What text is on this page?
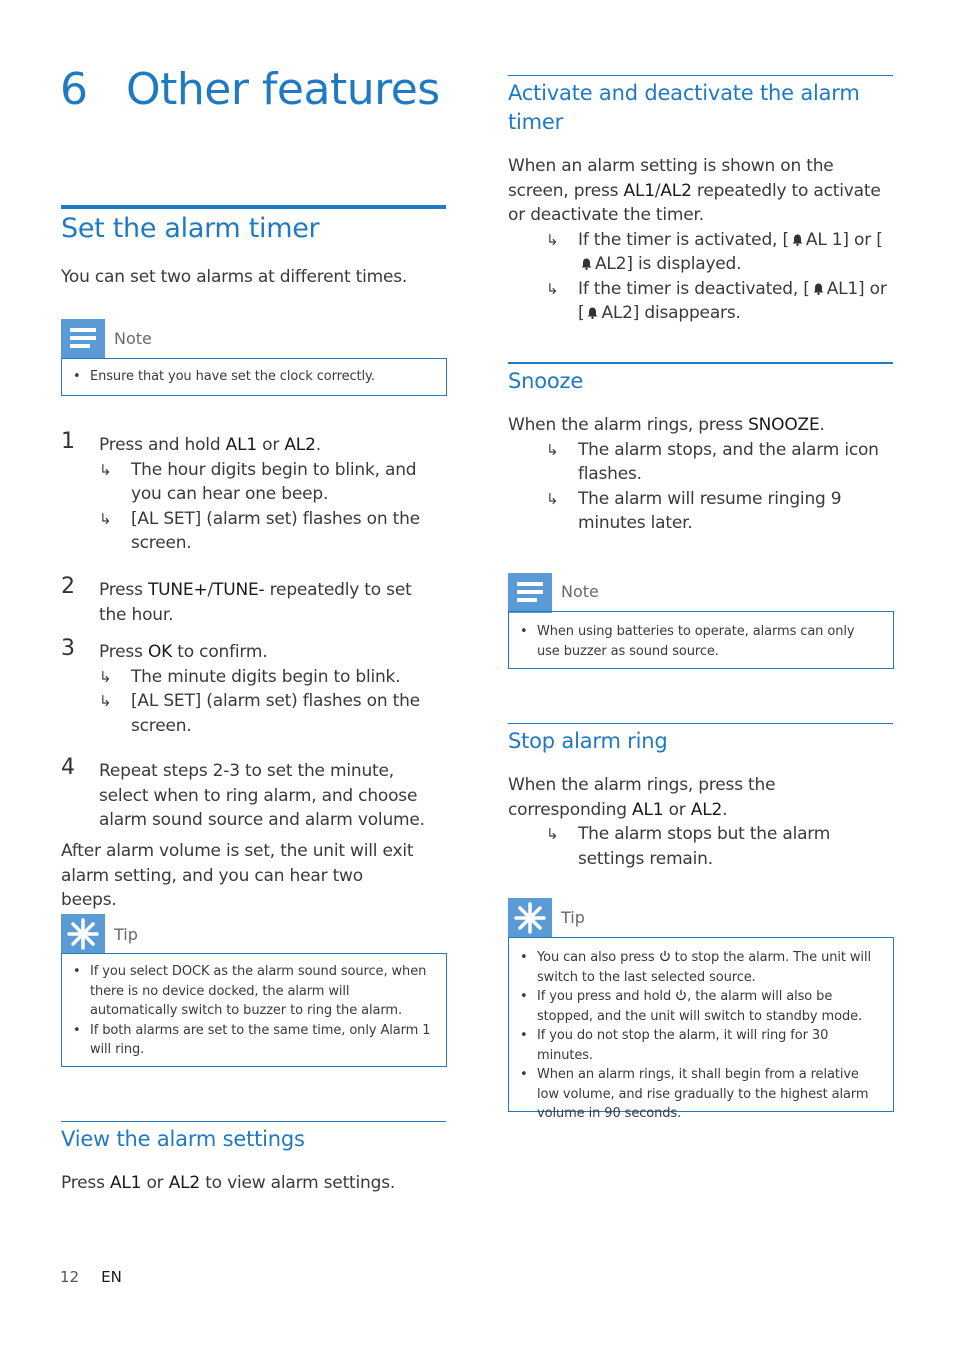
6 Other features
Set the alarm timer
You can set two alarms at different times.
Note
• Ensure that you have set the clock correctly.
1 Press and hold AL1 or AL2.
↳	The hour digits begin to blink, and you can hear one beep.
↳	[AL SET] (alarm set) flashes on the screen.
2 Press TUNE+/TUNE- repeatedly to set the hour.
3 Press OK to confirm.
↳	The minute digits begin to blink.
↳	[AL SET] (alarm set) flashes on the screen.
4 Repeat steps 2-3 to set the minute, select when to ring alarm, and choose alarm sound source and alarm volume.
After alarm volume is set, the unit will exit alarm setting, and you can hear two beeps.
Tip
• If you select DOCK as the alarm sound source, when there is no device docked, the alarm will automatically switch to buzzer to ring the alarm.
• If both alarms are set to the same time, only Alarm 1 will ring.
View the alarm settings
Press AL1 or AL2 to view alarm settings.
Activate and deactivate the alarm
timer
When an alarm setting is shown on the screen, press AL1/AL2 repeatedly to activate or deactivate the timer.
↳	If the timer is activated, [ AL 1] or [AL2] is displayed.
↳	If the timer is deactivated, [ AL1] or [ AL2] disappears.
Snooze
When the alarm rings, press SNOOZE.
↳	The alarm stops, and the alarm icon flashes.
↳	The alarm will resume ringing 9 minutes later.
Note
• When using batteries to operate, alarms can only use buzzer as sound source.
Stop alarm ring
When the alarm rings, press the corresponding AL1 or AL2.
↳	The alarm stops but the alarm settings remain.
Tip
• You can also press to stop the alarm. The unit will switch to the last selected source.
• If you press and hold , the alarm will also be stopped, and the unit will switch to standby mode.
• If you do not stop the alarm, it will ring for 30 minutes.
• When an alarm rings, it shall begin from a relative low volume, and rise gradually to the highest alarm volume in 90 seconds.
12 EN
